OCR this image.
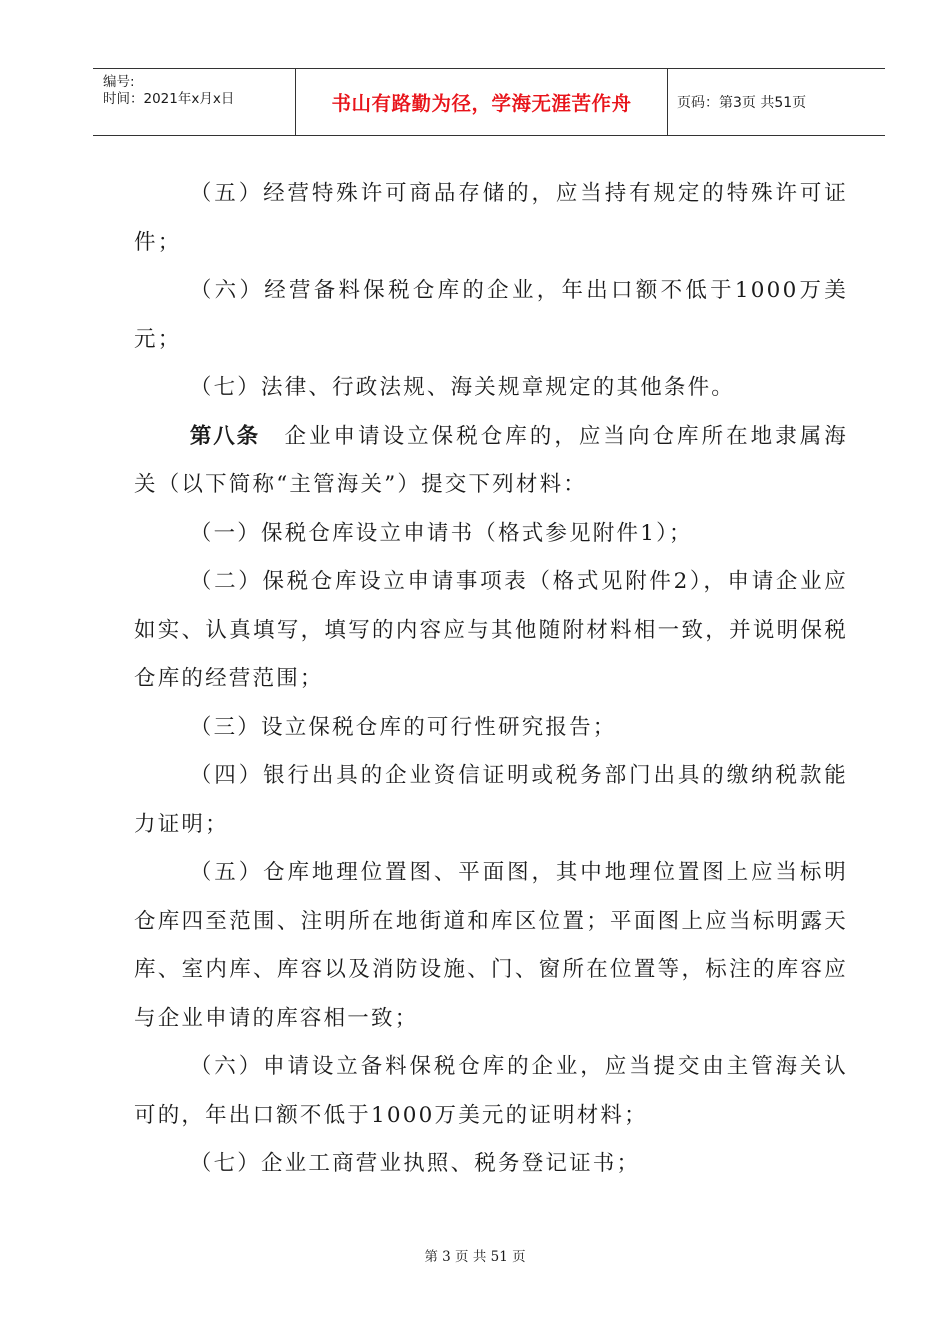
编号:
时间：2021年x月x日	书山有路勤为径，学海无涯苦作舟	页码：第3页 共51页

（五）经营特殊许可商品存储的，应当持有规定的特殊许可证件；

（六）经营备料保税仓库的企业，年出口额不低于1000万美元；

（七）法律、行政法规、海关规章规定的其他条件。

第八条　企业申请设立保税仓库的，应当向仓库所在地隶属海关（以下简称“主管海关”）提交下列材料：

（一）保税仓库设立申请书（格式参见附件1）；

（二）保税仓库设立申请事项表（格式见附件2），申请企业应如实、认真填写，填写的内容应与其他随附材料相一致，并说明保税仓库的经营范围；

（三）设立保税仓库的可行性研究报告；

（四）银行出具的企业资信证明或税务部门出具的缴纳税款能力证明；

（五）仓库地理位置图、平面图，其中地理位置图上应当标明仓库四至范围、注明所在地街道和库区位置；平面图上应当标明露天库、室内库、库容以及消防设施、门、窗所在位置等，标注的库容应与企业申请的库容相一致；

（六）申请设立备料保税仓库的企业，应当提交由主管海关认可的，年出口额不低于1000万美元的证明材料；

（七）企业工商营业执照、税务登记证书；

第 3 页 共 51 页
